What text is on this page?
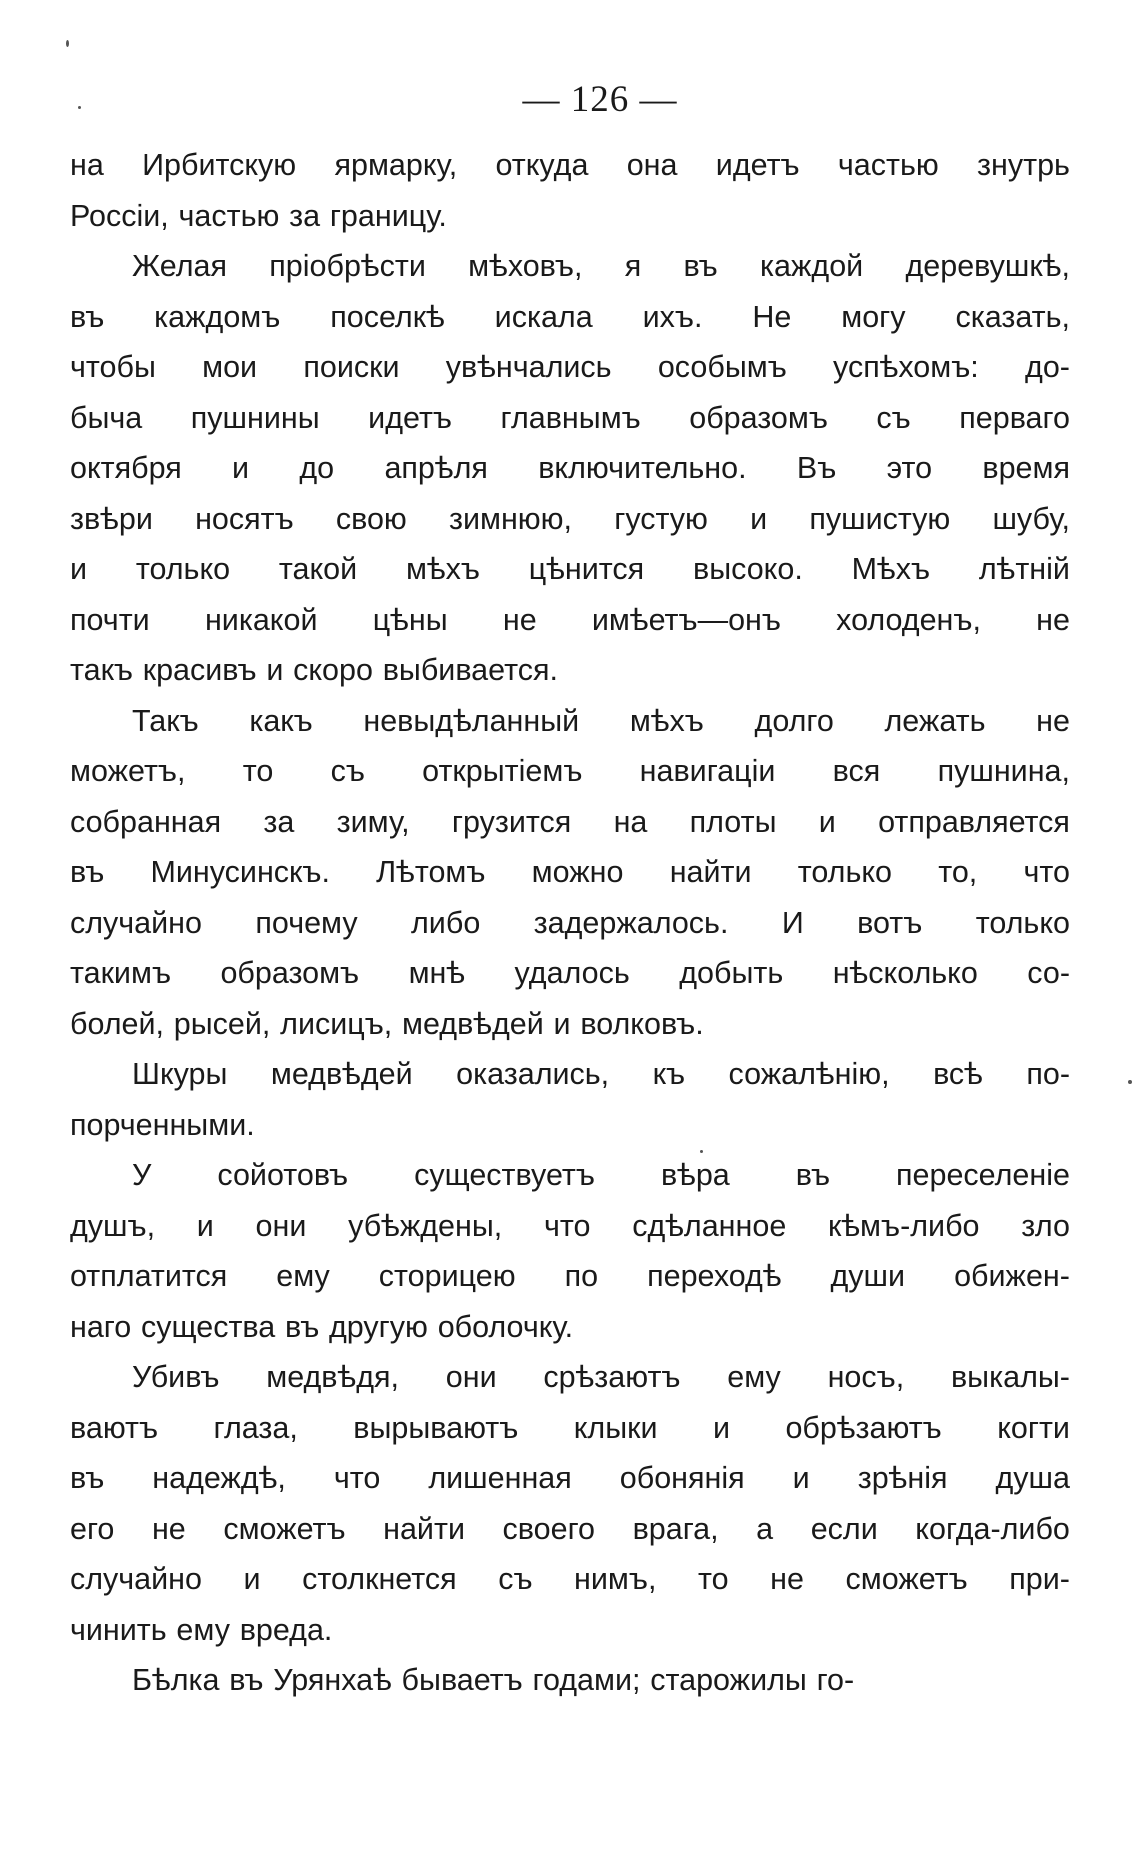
— 126 —
на Ирбитскую ярмарку, откуда она идетъ частью знутрь
Россіи, частью за границу.
Желая пріобрѣсти мѣховъ, я въ каждой деревушкѣ,
въ каждомъ поселкѣ искала ихъ. Не могу сказать,
чтобы мои поиски увѣнчались особымъ успѣхомъ: до-
быча пушнины идетъ главнымъ образомъ съ перваго
октября и до апрѣля включительно. Въ это время
звѣри носятъ свою зимнюю, густую и пушистую шубу,
и только такой мѣхъ цѣнится высоко. Мѣхъ лѣтній
почти никакой цѣны не имѣетъ—онъ холоденъ, не
такъ красивъ и скоро выбивается.
Такъ какъ невыдѣланный мѣхъ долго лежать не
можетъ, то съ открытіемъ навигаціи вся пушнина,
собранная за зиму, грузится на плоты и отправляется
въ Минусинскъ. Лѣтомъ можно найти только то, что
случайно почему либо задержалось. И вотъ только
такимъ образомъ мнѣ удалось добыть нѣсколько со-
болей, рысей, лисицъ, медвѣдей и волковъ.
Шкуры медвѣдей оказались, къ сожалѣнію, всѣ по-
порченными.
У сойотовъ существуетъ вѣра въ переселеніе
душъ, и они убѣждены, что сдѣланное кѣмъ-либо зло
отплатится ему сторицею по переходѣ души обижен-
наго существа въ другую оболочку.
Убивъ медвѣдя, они срѣзаютъ ему носъ, выкалы-
ваютъ глаза, вырываютъ клыки и обрѣзаютъ когти
въ надеждѣ, что лишенная обонянія и зрѣнія душа
его не сможетъ найти своего врага, а если когда-либо
случайно и столкнется съ нимъ, то не сможетъ при-
чинить ему вреда.
Бѣлка въ Урянхаѣ бываетъ годами; старожилы го-
